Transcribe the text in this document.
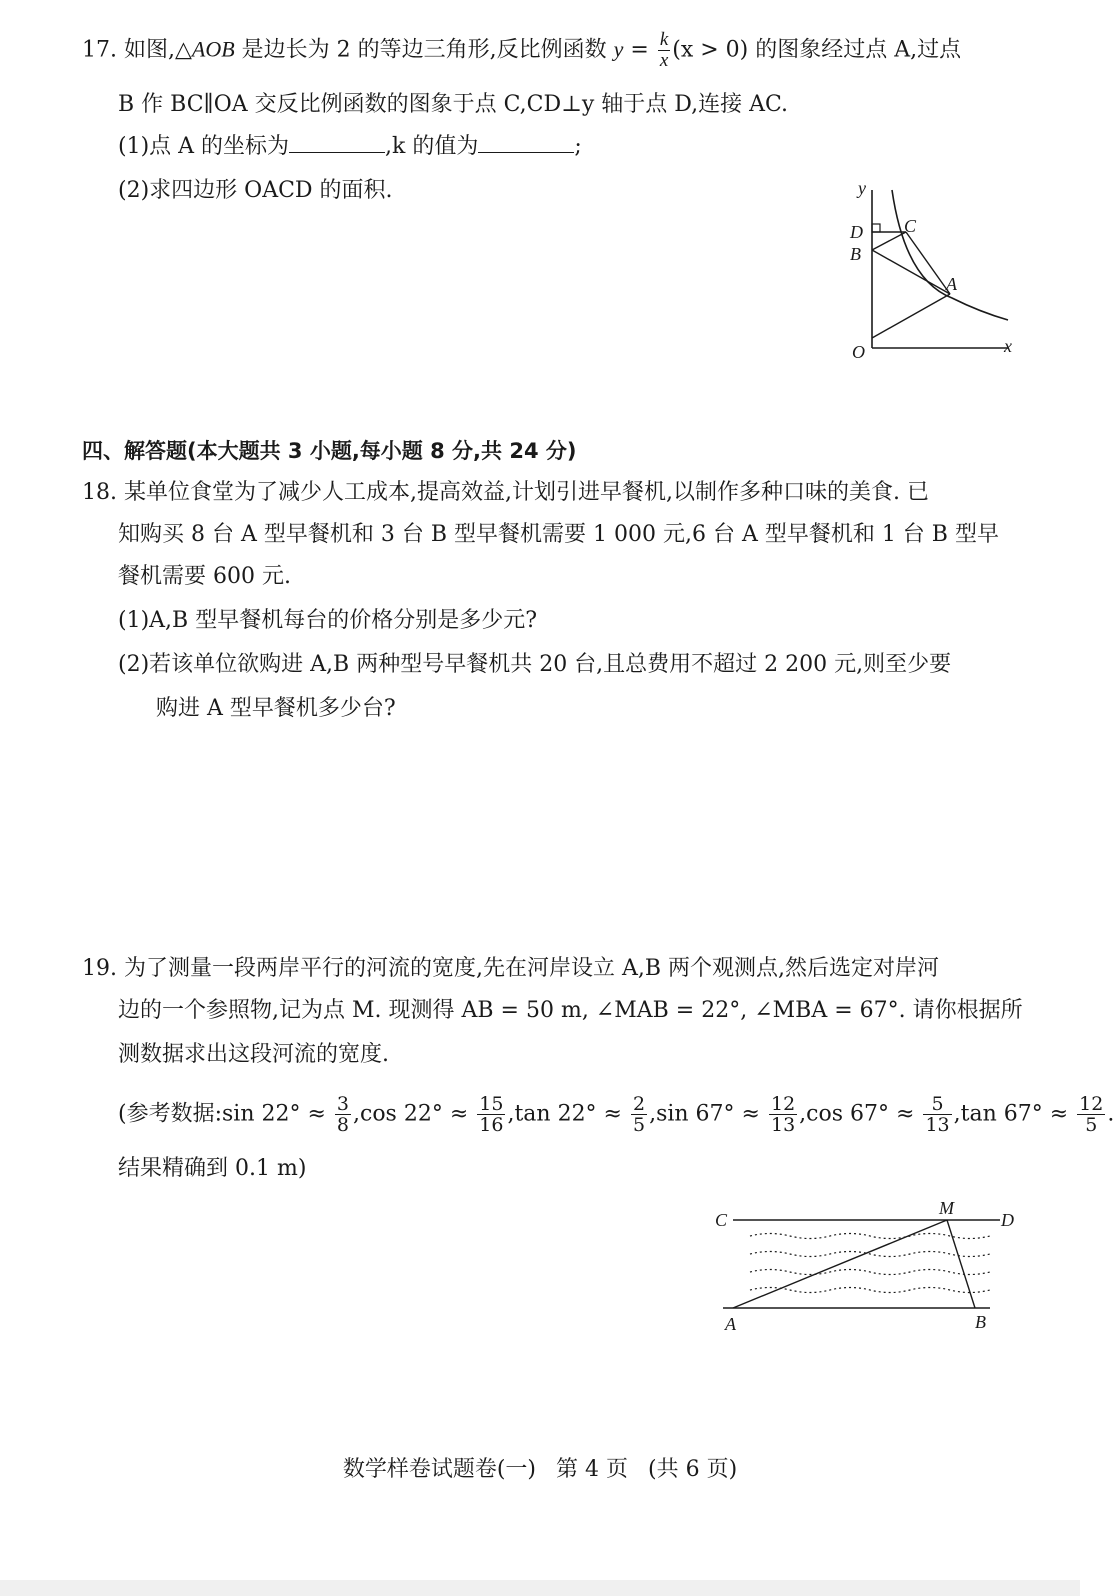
17. 如图,△AOB 是边长为 2 的等边三角形,反比例函数 $y = \frac{k}{x} (x > 0)$ 的图象经过点 A,过点
B 作 BC∥OA 交反比例函数的图象于点 C,CD⊥y 轴于点 D,连接 AC.
(1)点 A 的坐标为	,k 的值为	;
(2)求四边形 OACD 的面积.	y
x
O
A
B
C
D
四、解答题(本大题共 3 小题,每小题 8 分,共 24 分)
18. 某单位食堂为了减少人工成本,提高效益,计划引进早餐机,以制作多种口味的美食. 已
知购买 8 台 A 型早餐机和 3 台 B 型早餐机需要 1 000 元,6 台 A 型早餐机和 1 台 B 型早
餐机需要 600 元.
(1)A,B 型早餐机每台的价格分别是多少元?
(2)若该单位欲购进 A,B 两种型号早餐机共 20 台,且总费用不超过 2 200 元,则至少要
购进 A 型早餐机多少台?
19. 为了测量一段两岸平行的河流的宽度,先在河岸设立 A,B 两个观测点,然后选定对岸河
边的一个参照物,记为点 M. 现测得 AB = 50 m, ∠MAB = 22°, ∠MBA = 67°. 请你根据所
测数据求出这段河流的宽度.
(参考数据:sin $22^\circ \approx \frac{3}{8} ,\cos$ $22^\circ \approx \frac{15}{16} ,\tan$ $22^\circ \approx \frac{2}{5} ,\sin$ $67^\circ \approx \frac{12}{13} ,\cos$ $67^\circ \approx \frac{5}{13} ,\tan$ $67^\circ \approx \frac{12}{5}$ .
结果精确到 0.1 m)
C	D
M
A	B
数学样卷试题卷(一) 第 4 页 (共 6 页)
